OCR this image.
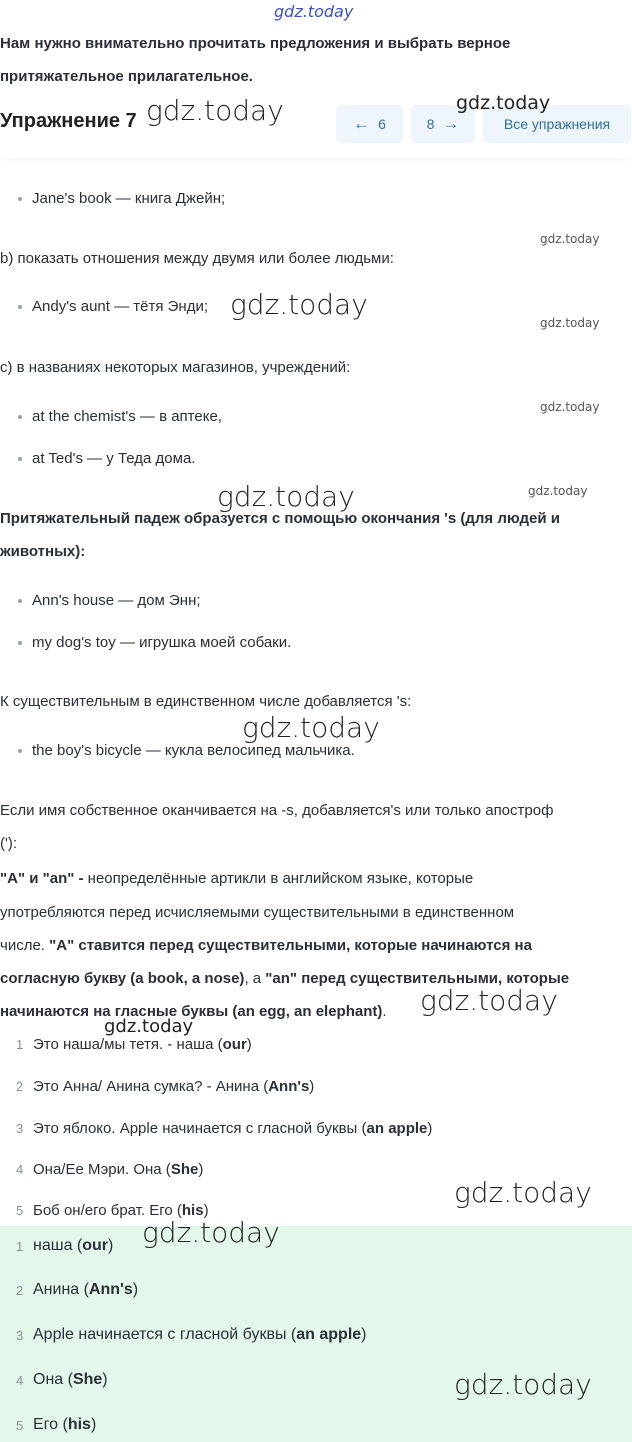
gdz.today
Нам нужно внимательно прочитать предложения и выбрать верное
притяжательное прилагательное.
Jane's book — книга Джейн;
b) показать отношения между двумя или более людьми:
Andy's aunt — тётя Энди;
c) в названиях некоторых магазинов, учреждений:
at the chemist's — в аптеке,
at Ted's — у Теда дома.
Притяжательный падеж образуется с помощью окончания 's (для людей и
животных):
Ann's house — дом Энн;
my dog's toy — игрушка моей собаки.
К существительным в единственном числе добавляется 's:
the boy's bicycle — кукла велосипед мальчика.
Если имя собственное оканчивается на -s, добавляется's или только апостроф
('):
"A" и "an" - неопределённые артикли в английском языке, которые
употребляются перед исчисляемыми существительными в единственном
числе. "A" ставится перед существительными, которые начинаются на
согласную букву (a book, a nose), а "an" перед существительными, которые
начинаются на гласные буквы (an egg, an elephant).
1 Это наша/мы тетя. - наша (our)
2 Это Анна/ Анина сумка? - Анина (Ann's)
3 Это яблоко. Apple начинается с гласной буквы (an apple)
4 Она/Ее Мэри. Она (She)
5 Боб он/его брат. Его (his)
1 наша (our)
2 Анина (Ann's)
3 Apple начинается с гласной буквы (an apple)
4 Она (She)
5 Его (his)
Упражнение 7	← 6	8 →	Все упражнения
gdz.today	gdz.today
gdz.today
gdz.today
gdz.today
gdz.today
gdz.today	gdz.today
gdz.today
gdz.today
gdz.today
gdz.today
gdz.today
gdz.today
